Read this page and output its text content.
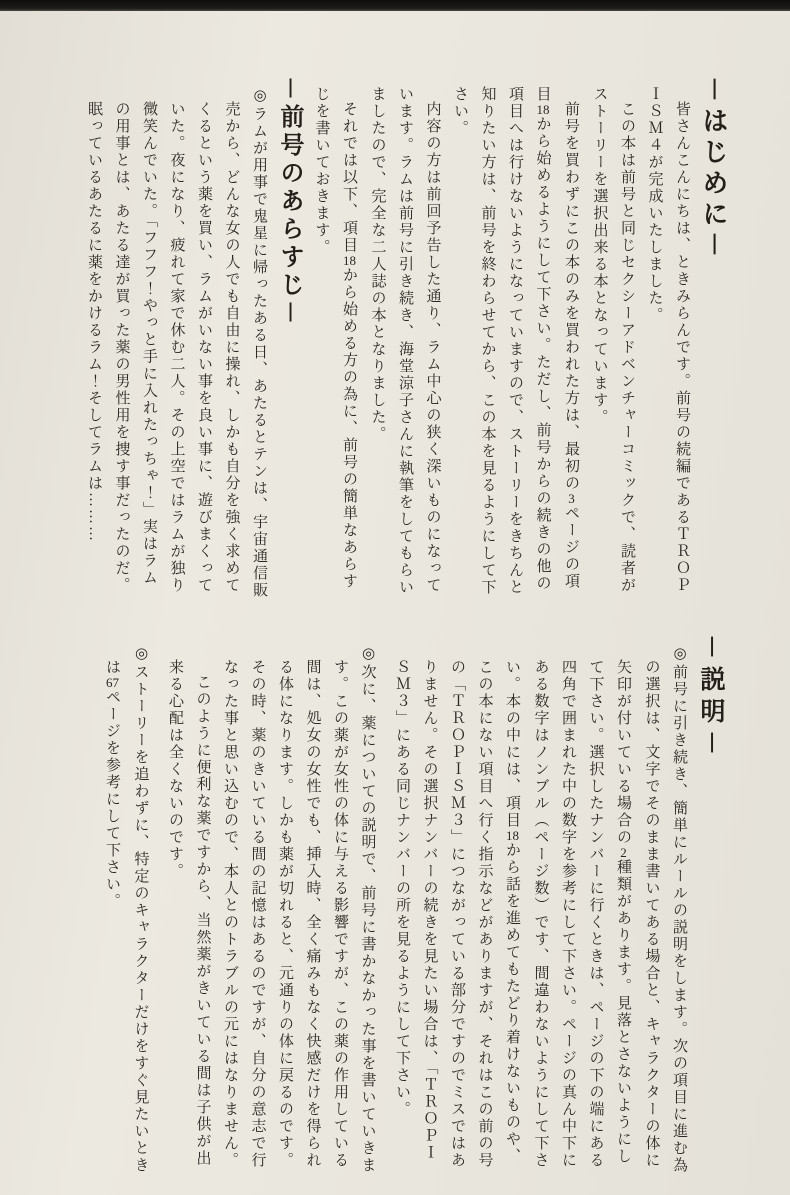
－はじめに－

皆さんこんにちは、ときみらんです。前号の続編であるＴＲＯＰＩＳＭ４が完成いたしました。

この本は前号と同じセクシーアドベンチャーコミックで、読者がストーリーを選択出来る本となっています。

前号を買わずにこの本のみを買われた方は、最初の3ページの項目18から始めるようにして下さい。ただし、前号からの続きの他の項目へは行けないようになっていますので、ストーリーをきちんと知りたい方は、前号を終わらせてから、この本を見るようにして下さい。

内容の方は前回予告した通り、ラム中心の狭く深いものになっています。ラムは前号に引き続き、海堂涼子さんに執筆をしてもらいましたので、完全な二人誌の本となりました。

それでは以下、項目18から始める方の為に、前号の簡単なあらすじを書いておきます。

－前号のあらすじ－

◎ラムが用事で鬼星に帰ったある日、あたるとテンは、宇宙通信販売から、どんな女の人でも自由に操れ、しかも自分を強く求めてくるという薬を買い、ラムがいない事を良い事に、遊びまくっていた。夜になり、疲れて家で休む二人。その上空ではラムが独り微笑んでいた。「フフフ！やっと手に入れたっちゃ！」実はラムの用事とは、あたる達が買った薬の男性用を捜す事だったのだ。眠っているあたるに薬をかけるラム！そしてラムは………

－説明－

◎前号に引き続き、簡単にルールの説明をします。次の項目に進む為の選択は、文字でそのまま書いてある場合と、キャラクターの体に矢印が付いている場合の2種類があります。見落とさないようにして下さい。選択したナンバーに行くときは、ページの下の端にある四角で囲まれた中の数字を参考にして下さい。ページの真ん中下にある数字はノンブル（ページ数）です、間違わないようにして下さい。本の中には、項目18から話を進めてもたどり着けないものや、この本にない項目へ行く指示などがありますが、それはこの前の号の「ＴＲＯＰＩＳＭ３」につながっている部分ですのでミスではありません。その選択ナンバーの続きを見たい場合は、「ＴＲＯＰＩＳＭ３」にある同じナンバーの所を見るようにして下さい。

◎次に、薬についての説明で、前号に書かなかった事を書いていきます。この薬が女性の体に与える影響ですが、この薬の作用している間は、処女の女性でも、挿入時、全く痛みもなく快感だけを得られる体になります。しかも薬が切れると、元通りの体に戻るのです。その時、薬のきいている間の記憶はあるのですが、自分の意志で行なった事と思い込むので、本人とのトラブルの元にはなりません。

このように便利な薬ですから、当然薬がきいている間は子供が出来る心配は全くないのです。

◎ストーリーを追わずに、特定のキャラクターだけをすぐ見たいときは67ページを参考にして下さい。
